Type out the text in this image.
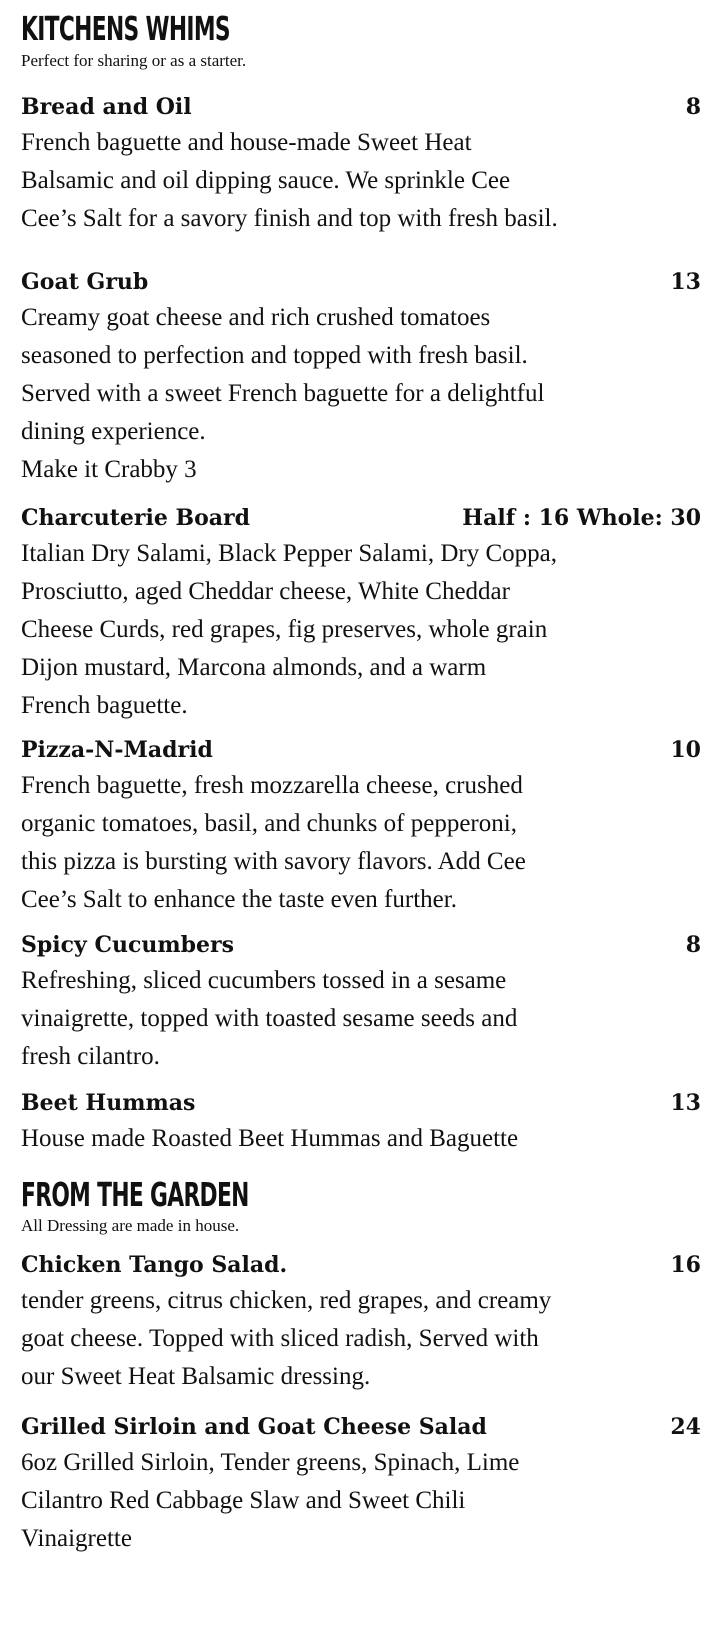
KITCHENS WHIMS
Perfect for sharing or as a starter.
Bread and Oil	8
French baguette and house-made Sweet Heat
Balsamic and oil dipping sauce. We sprinkle Cee
Cee’s Salt for a savory finish and top with fresh basil.
Goat Grub	13
Creamy goat cheese and rich crushed tomatoes
seasoned to perfection and topped with fresh basil.
Served with a sweet French baguette for a delightful
dining experience.
Make it Crabby 3
Charcuterie Board	Half : 16 Whole: 30
Italian Dry Salami, Black Pepper Salami, Dry Coppa,
Prosciutto, aged Cheddar cheese, White Cheddar
Cheese Curds, red grapes, fig preserves, whole grain
Dijon mustard, Marcona almonds, and a warm
French baguette.
Pizza-N-Madrid	10
French baguette, fresh mozzarella cheese, crushed
organic tomatoes, basil, and chunks of pepperoni,
this pizza is bursting with savory flavors. Add Cee
Cee’s Salt to enhance the taste even further.
Spicy Cucumbers	8
Refreshing, sliced cucumbers tossed in a sesame
vinaigrette, topped with toasted sesame seeds and
fresh cilantro.
Beet Hummas	13
House made Roasted Beet Hummas and Baguette
FROM THE GARDEN
All Dressing are made in house.
Chicken Tango Salad.	16
tender greens, citrus chicken, red grapes, and creamy
goat cheese. Topped with sliced radish, Served with
our Sweet Heat Balsamic dressing.
Grilled Sirloin and Goat Cheese Salad	24
6oz Grilled Sirloin, Tender greens, Spinach, Lime
Cilantro Red Cabbage Slaw and Sweet Chili
Vinaigrette
